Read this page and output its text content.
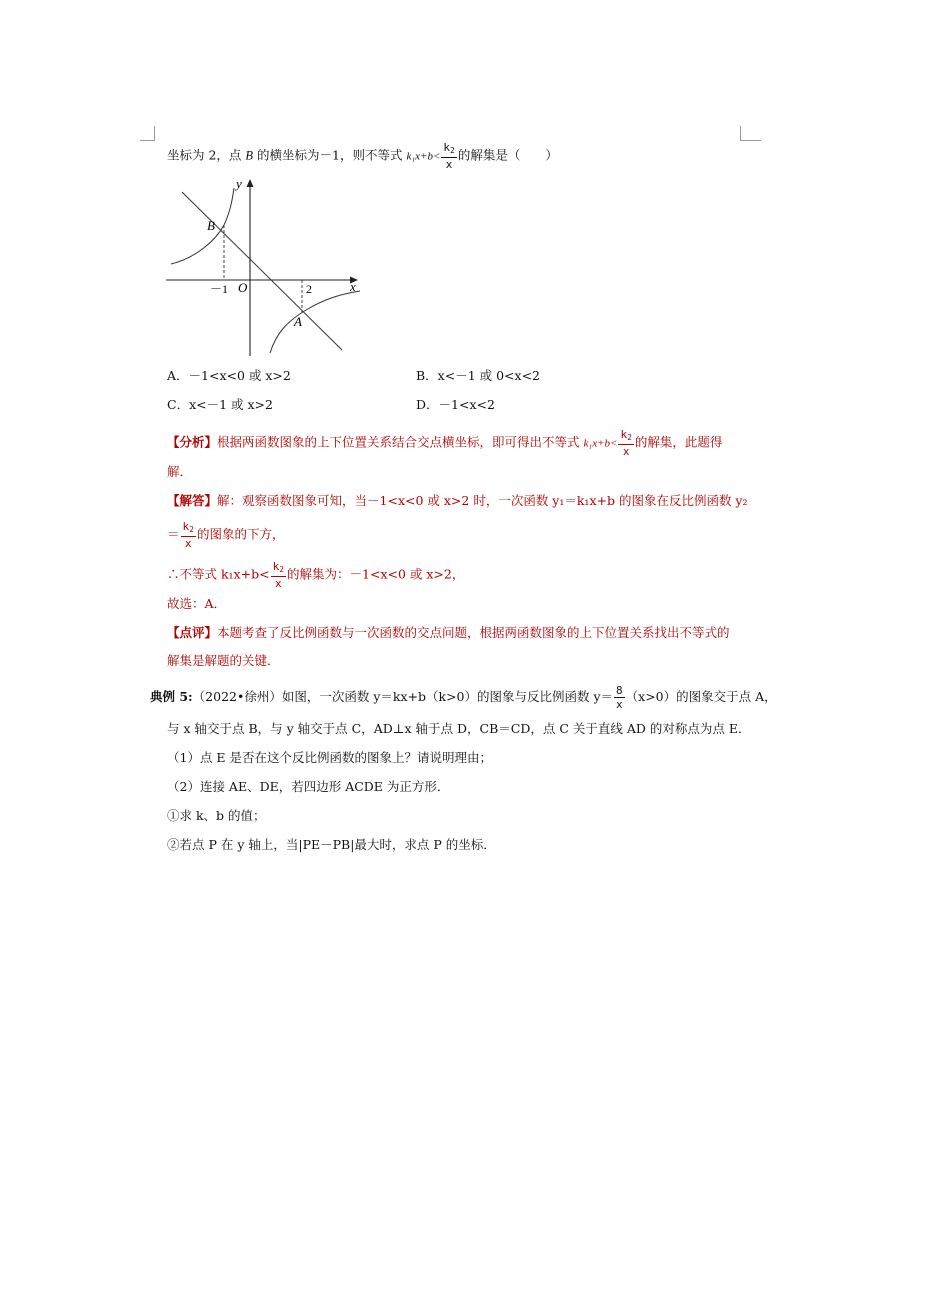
坐标为 2，点 B 的横坐标为－1，则不等式 $k_1x+b< \frac{k_2}{x}$ 的解集是（　　）
y
x
O
B
A
－1	2
A．－1<x<0 或 x>2	B．x<－1 或 0<x<2
C．x<－1 或 x>2	D．－1<x<2
【分析】根据两函数图象的上下位置关系结合交点横坐标，即可得出不等式 $k_1x+b< \frac{k_2}{x}$ 的解集，此题得
解．
【解答】解：观察函数图象可知，当－1<x<0 或 x>2 时，一次函数 y₁＝k₁x+b 的图象在反比例函数 y₂
＝ $\frac{k_2}{x}$ 的图象的下方，
∴不等式 $k_1x+b< \frac{k_2}{x}$ 的解集为：－1<x<0 或 x>2，
故选：A．
【点评】本题考查了反比例函数与一次函数的交点问题，根据两函数图象的上下位置关系找出不等式的
解集是解题的关键．
典例 5:（2022•徐州）如图，一次函数 y＝kx+b（k>0）的图象与反比例函数 $y= \frac{8}{x} (x>0)$的图象交于点 A，
与 x 轴交于点 B，与 y 轴交于点 C，AD⊥x 轴于点 D，CB＝CD，点 C 关于直线 AD 的对称点为点 E．
（1）点 E 是否在这个反比例函数的图象上？请说明理由；
（2）连接 AE、DE，若四边形 ACDE 为正方形．
①求 k、b 的值；
②若点 P 在 y 轴上，当|PE－PB|最大时，求点 P 的坐标．
